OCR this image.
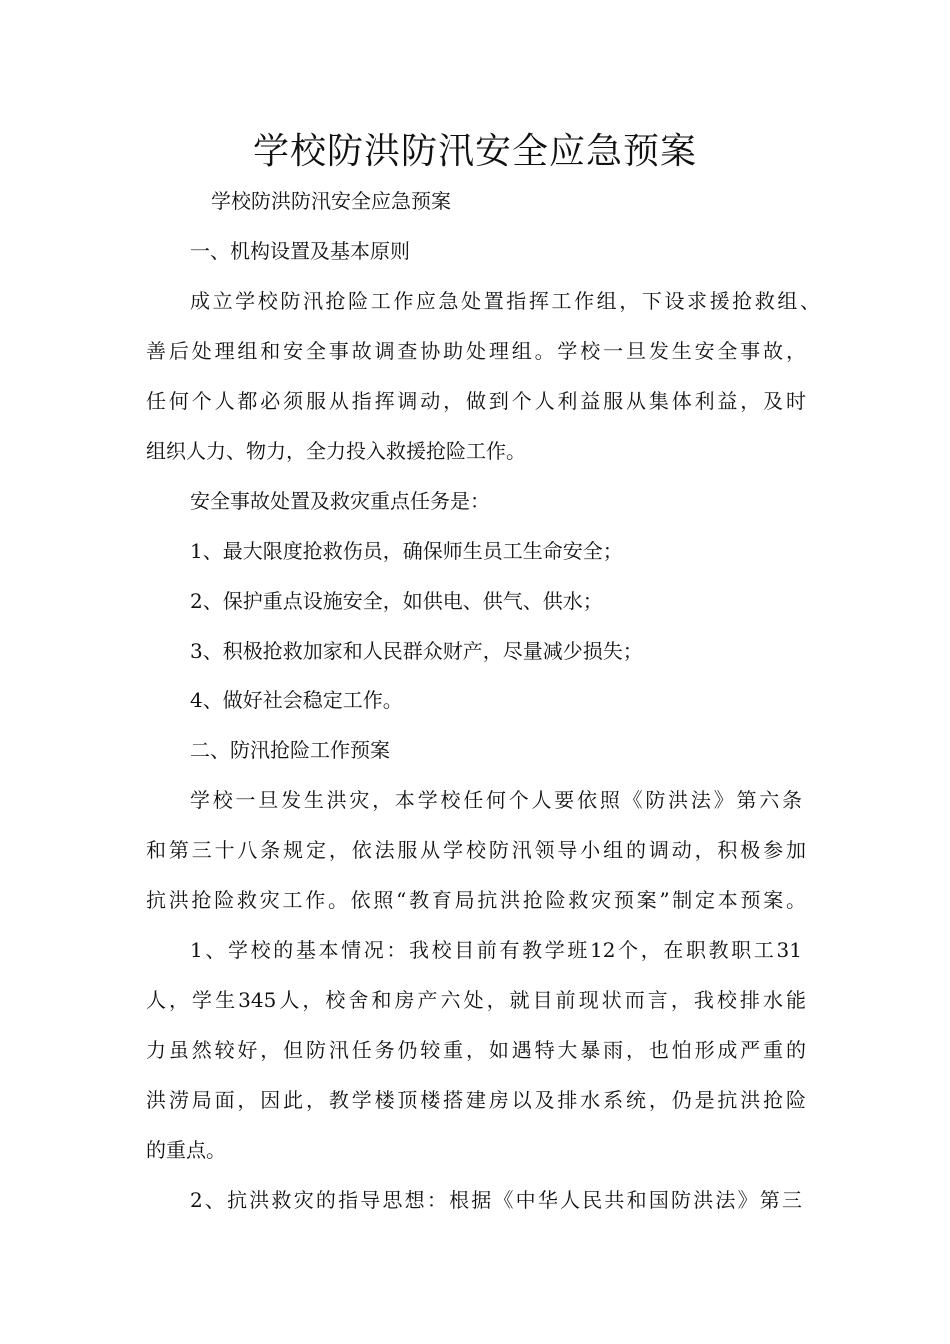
学校防洪防汛安全应急预案
学校防洪防汛安全应急预案
一、机构设置及基本原则
成立学校防汛抢险工作应急处置指挥工作组，下设求援抢救组、
善后处理组和安全事故调查协助处理组。学校一旦发生安全事故，
任何个人都必须服从指挥调动，做到个人利益服从集体利益，及时
组织人力、物力，全力投入救援抢险工作。
安全事故处置及救灾重点任务是：
1、最大限度抢救伤员，确保师生员工生命安全；
2、保护重点设施安全，如供电、供气、供水；
3、积极抢救加家和人民群众财产，尽量减少损失；
4、做好社会稳定工作。
二、防汛抢险工作预案
学校一旦发生洪灾，本学校任何个人要依照《防洪法》第六条
和第三十八条规定，依法服从学校防汛领导小组的调动，积极参加
抗洪抢险救灾工作。依照“教育局抗洪抢险救灾预案”制定本预案。
1、学校的基本情况：我校目前有教学班12个，在职教职工31
人，学生345人，校舍和房产六处，就目前现状而言，我校排水能
力虽然较好，但防汛任务仍较重，如遇特大暴雨，也怕形成严重的
洪涝局面，因此，教学楼顶楼搭建房以及排水系统，仍是抗洪抢险
的重点。
2、抗洪救灾的指导思想：根据《中华人民共和国防洪法》第三
